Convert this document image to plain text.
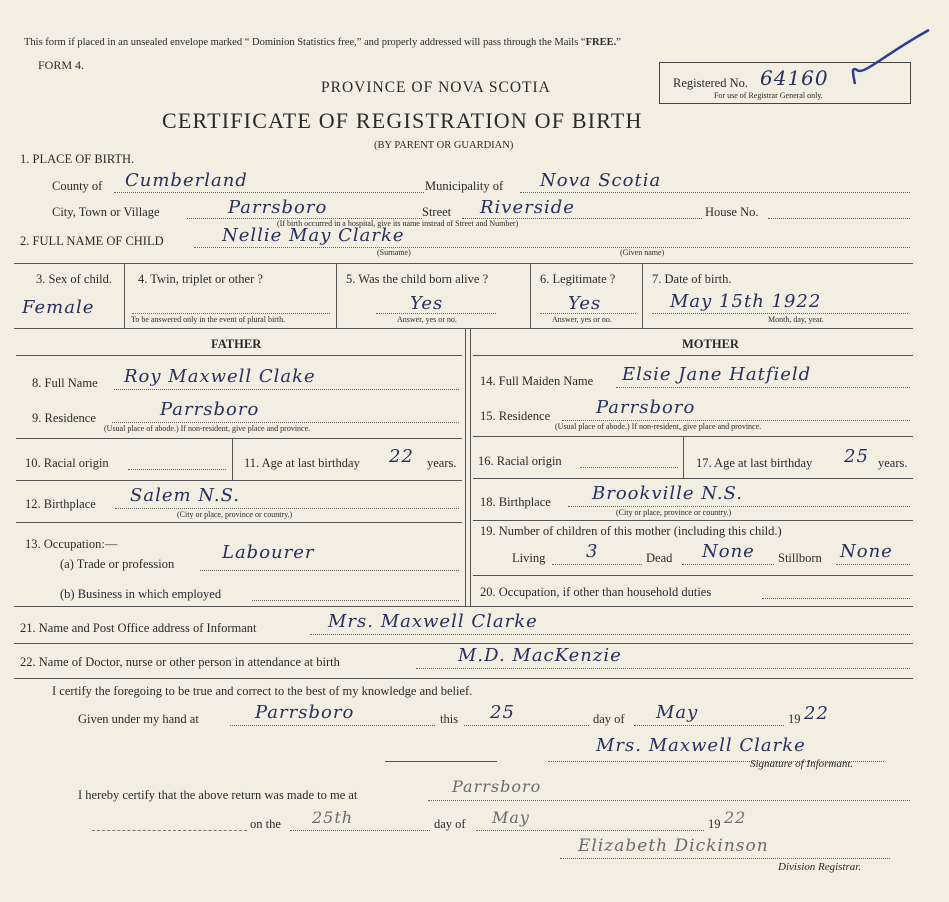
This form if placed in an unsealed envelope marked “ Dominion Statistics free,” and properly addressed will pass through the Mails “FREE.”
FORM 4.
PROVINCE OF NOVA SCOTIA
CERTIFICATE OF REGISTRATION OF BIRTH
(BY PARENT OR GUARDIAN)
Registered No. 64160
For use of Registrar General only.
1. PLACE OF BIRTH.
County of Cumberland	Municipality of Nova Scotia
City, Town or Village	Parrsboro	Street Riverside	House No.
(If birth occurred in a hospital, give its name instead of Street and Number)
2. FULL NAME OF CHILD	Nellie May Clarke
(Surname)	(Given name)
3. Sex of child.
Female
4. Twin, triplet or other ?
To be answered only in the event of plural birth.
5. Was the child born alive ?
Yes
Answer, yes or no.
6. Legitimate ?
Yes
Answer, yes or no.
7. Date of birth.
May 15th 1922
Month, day, year.
FATHER	MOTHER
8. Full Name Roy Maxwell Clake
9. Residence	Parrsboro
(Usual place of abode.) If non-resident, give place and province.
10. Racial origin	11. Age at last birthday 22 years.
12. Birthplace Salem N.S.
(City or place, province or country.)
13. Occupation:—
(a) Trade or profession
Labourer
(b) Business in which employed
14. Full Maiden Name Elsie Jane Hatfield
15. Residence	Parrsboro
(Usual place of abode.) If non-resident, give place and province.
16. Racial origin	17. Age at last birthday 25 years.
18. Birthplace Brookville N.S.
(City or place, province or country.)
19. Number of children of this mother (including this child.)
Living 3	Dead None Stillborn None
20. Occupation, if other than household duties
21. Name and Post Office address of Informant	Mrs. Maxwell Clarke
22. Name of Doctor, nurse or other person in attendance at birth	M.D. MacKenzie
I certify the foregoing to be true and correct to the best of my knowledge and belief.
Given under my hand at	Parrsboro	this 25	day of May	19 22
Mrs. Maxwell Clarke
Signature of Informant.
I hereby certify that the above return was made to me at	Parrsboro
on the 25th	day of May	19 22
Elizabeth Dickinson
Division Registrar.
